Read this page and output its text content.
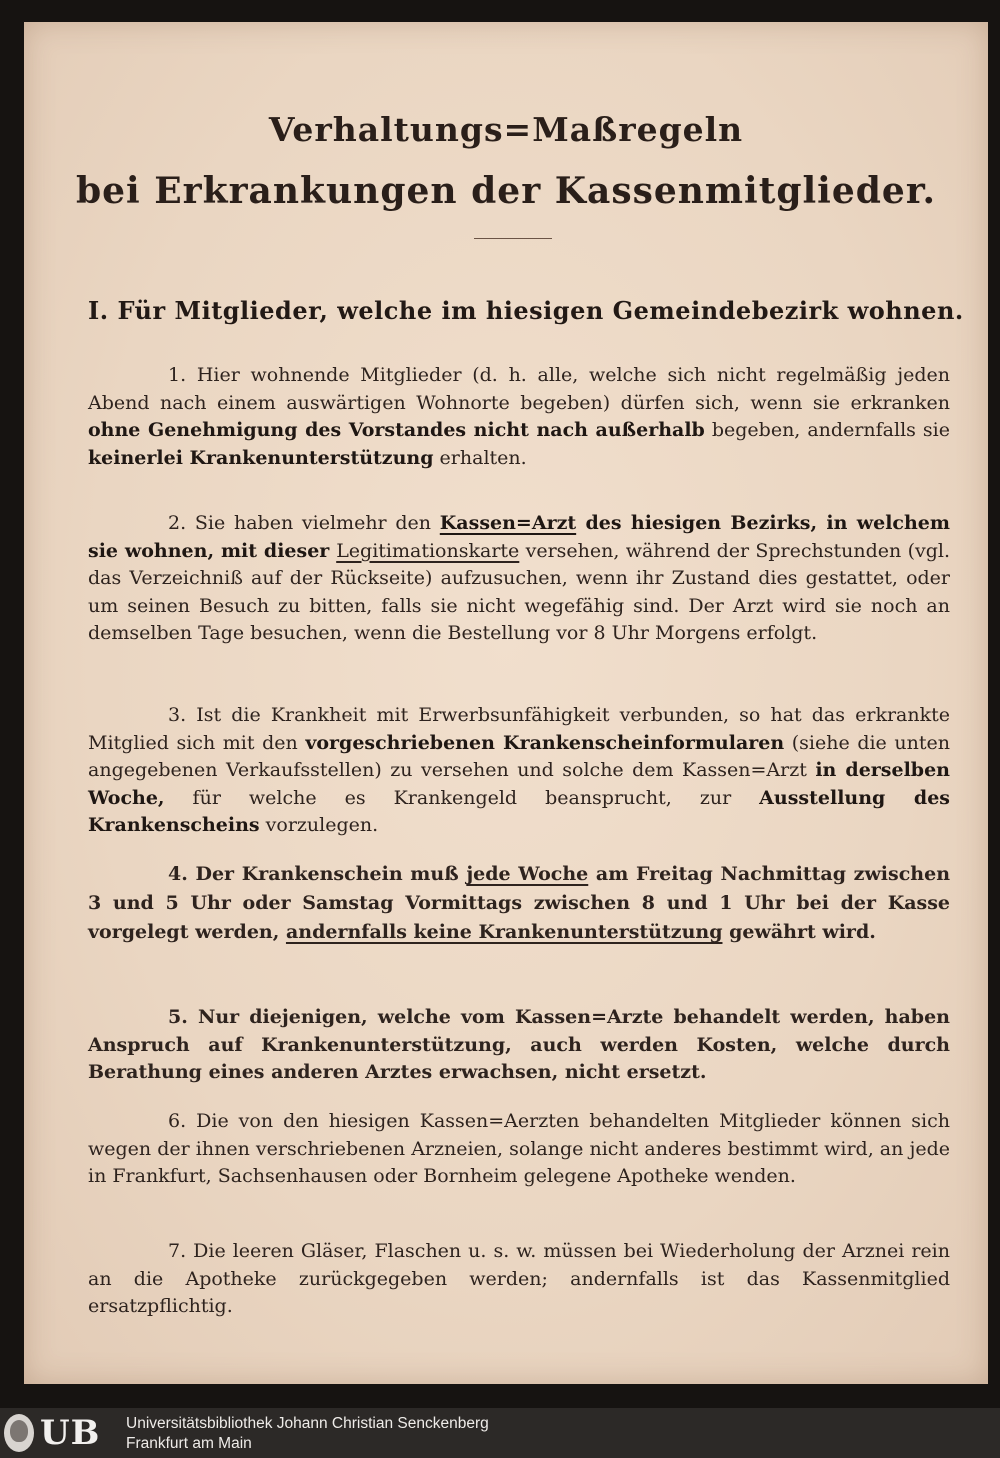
Verhaltungs=Maßregeln
bei Erkrankungen der Kassenmitglieder.
I. Für Mitglieder, welche im hiesigen Gemeindebezirk wohnen.
1. Hier wohnende Mitglieder (d. h. alle, welche sich nicht regelmäßig jeden Abend nach einem auswärtigen Wohnorte begeben) dürfen sich, wenn sie erkranken ohne Genehmigung des Vorstandes nicht nach außerhalb begeben, andernfalls sie keinerlei Krankenunterstützung erhalten.
2. Sie haben vielmehr den Kassen=Arzt des hiesigen Bezirks, in welchem sie wohnen, mit dieser Legitimationskarte versehen, während der Sprechstunden (vgl. das Verzeichniß auf der Rückseite) aufzusuchen, wenn ihr Zustand dies gestattet, oder um seinen Besuch zu bitten, falls sie nicht wegefähig sind. Der Arzt wird sie noch an demselben Tage besuchen, wenn die Bestellung vor 8 Uhr Morgens erfolgt.
3. Ist die Krankheit mit Erwerbsunfähigkeit verbunden, so hat das erkrankte Mitglied sich mit den vorgeschriebenen Krankenscheinformularen (siehe die unten angegebenen Verkaufsstellen) zu versehen und solche dem Kassen=Arzt in derselben Woche, für welche es Krankengeld beansprucht, zur Ausstellung des Krankenscheins vorzulegen.
4. Der Krankenschein muß jede Woche am Freitag Nachmittag zwischen 3 und 5 Uhr oder Samstag Vormittags zwischen 8 und 1 Uhr bei der Kasse vorgelegt werden, andernfalls keine Krankenunterstützung gewährt wird.
5. Nur diejenigen, welche vom Kassen=Arzte behandelt werden, haben Anspruch auf Krankenunterstützung, auch werden Kosten, welche durch Berathung eines anderen Arztes erwachsen, nicht ersetzt.
6. Die von den hiesigen Kassen=Aerzten behandelten Mitglieder können sich wegen der ihnen verschriebenen Arzneien, solange nicht anderes bestimmt wird, an jede in Frankfurt, Sachsenhausen oder Bornheim gelegene Apotheke wenden.
7. Die leeren Gläser, Flaschen u. s. w. müssen bei Wiederholung der Arznei rein an die Apotheke zurückgegeben werden; andernfalls ist das Kassenmitglied ersatzpflichtig.
UB Universitätsbibliothek Johann Christian Senckenberg
Frankfurt am Main
